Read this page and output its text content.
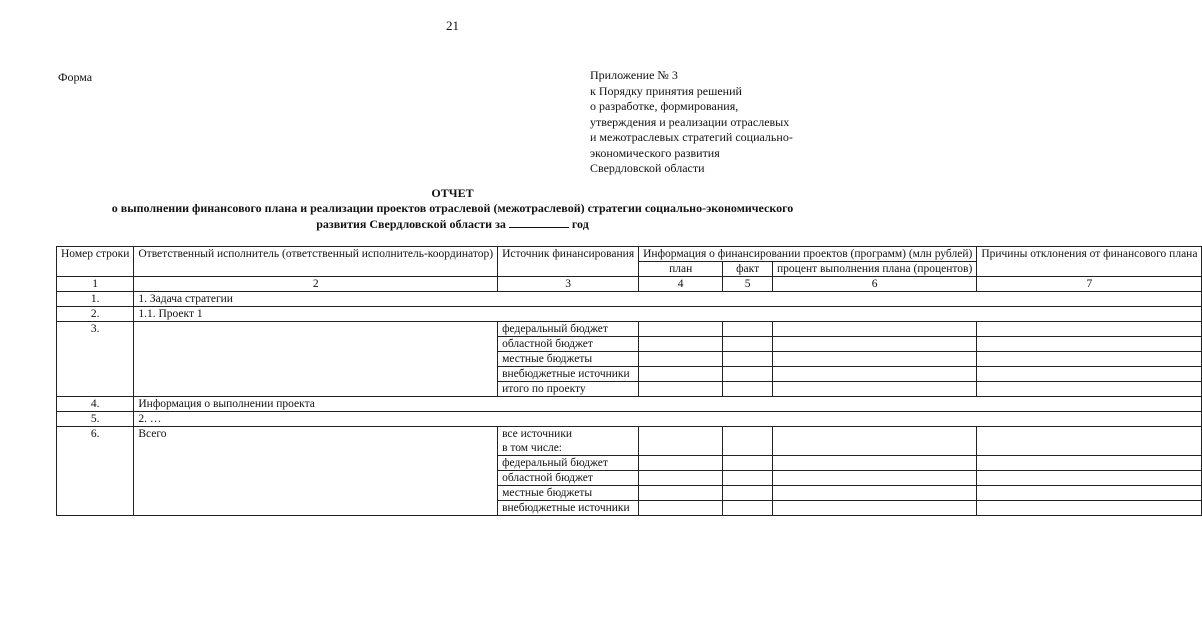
21
Форма	Приложение № 3
к Порядку принятия решений
о разработке, формирования,
утверждения и реализации отраслевых
и межотраслевых стратегий социально-
экономического развития
Свердловской области
ОТЧЕТ
о выполнении финансового плана и реализации проектов отраслевой (межотраслевой) стратегии социально-экономического
развития Свердловской области за	год
Номер строки	Ответственный исполнитель (ответственный исполнитель-координатор)	Источник финансирования	Информация о финансировании проектов (программ) (млн рублей)			Причины отклонения от финансового плана
			план	факт	процент выполнения плана (процентов)	
1	2	3	4	5	6	7
1.	1. Задача стратегии					
2.	1.1. Проект 1					
3.		федеральный бюджет				
		областной бюджет				
		местные бюджеты				
		внебюджетные источники				
		итого по проекту				
4.	Информация о выполнении проекта					
5.	2. …					
6.	Всего	все источники
в том числе:				

		федеральный бюджет				
		областной бюджет				
		местные бюджеты				
		внебюджетные источники				
